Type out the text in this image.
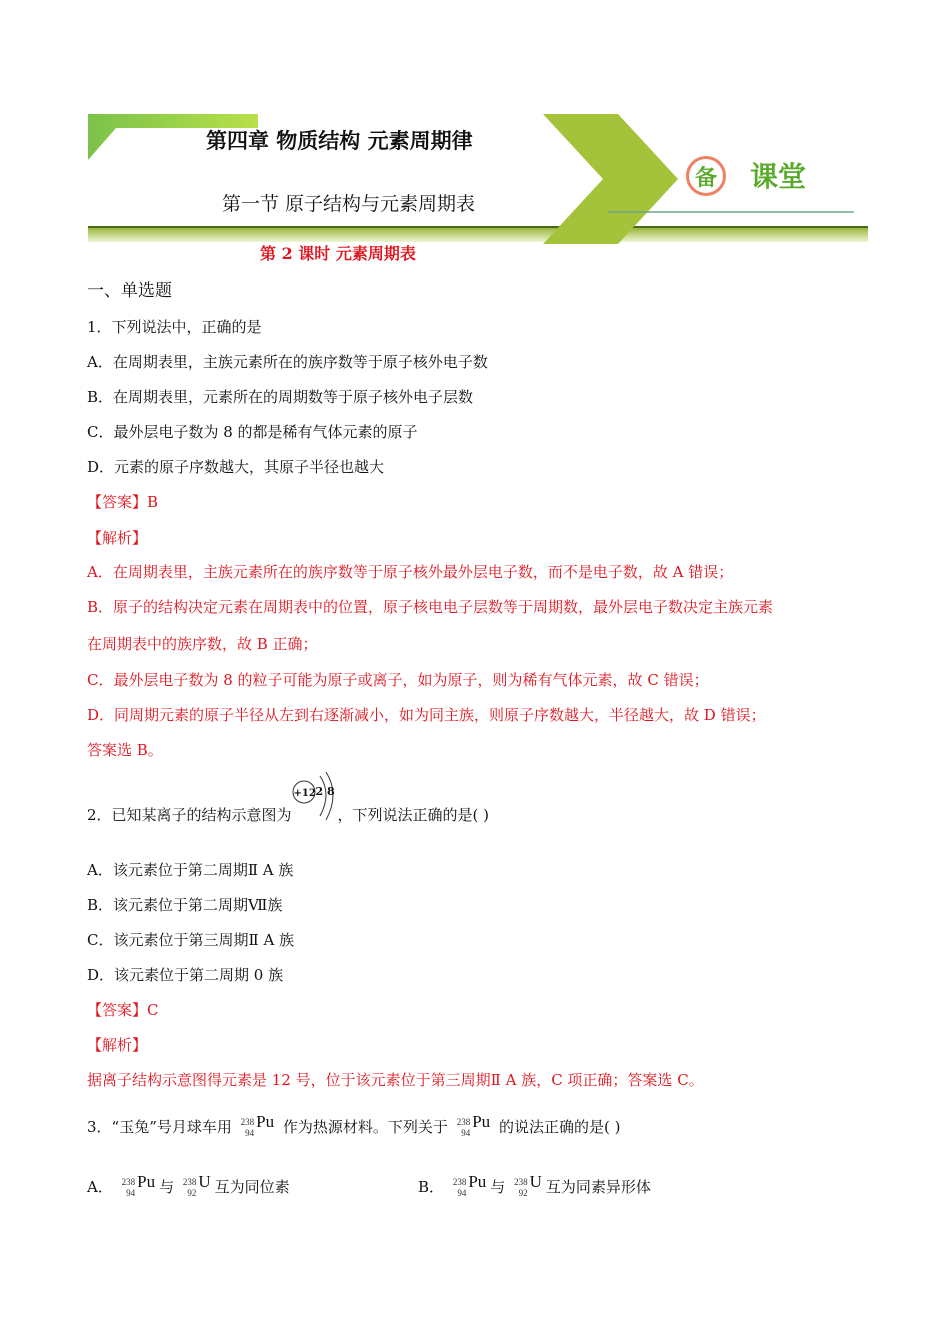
第四章 物质结构 元素周期律
第一节 原子结构与元素周期表
备	课堂
第 2 课时 元素周期表
一、单选题
1．下列说法中，正确的是
A．在周期表里，主族元素所在的族序数等于原子核外电子数
B．在周期表里，元素所在的周期数等于原子核外电子层数
C．最外层电子数为 8 的都是稀有气体元素的原子
D．元素的原子序数越大，其原子半径也越大
【答案】B
【解析】
A．在周期表里，主族元素所在的族序数等于原子核外最外层电子数，而不是电子数，故 A 错误；
B．原子的结构决定元素在周期表中的位置，原子核电电子层数等于周期数，最外层电子数决定主族元素
在周期表中的族序数，故 B 正确；
C．最外层电子数为 8 的粒子可能为原子或离子，如为原子，则为稀有气体元素，故 C 错误；
D．同周期元素的原子半径从左到右逐渐减小，如为同主族，则原子序数越大，半径越大，故 D 错误；
答案选 B。
2．已知某离子的结构示意图为
+12 2 8
，下列说法正确的是( )
A．该元素位于第二周期Ⅱ A 族
B．该元素位于第二周期Ⅶ族
C．该元素位于第三周期Ⅱ A 族
D．该元素位于第二周期 0 族
【答案】C
【解析】
据离子结构示意图得元素是 12 号，位于该元素位于第三周期Ⅱ A 族，C 项正确；答案选 C。
3．“玉兔”号月球车用 238
94
Pu 作为热源材料。下列关于 238
94
Pu 的说法正确的是( )
A． 238
94
Pu 与 238
92
U 互为同位素	B． 238
94
Pu 与 238
92
U 互为同素异形体
